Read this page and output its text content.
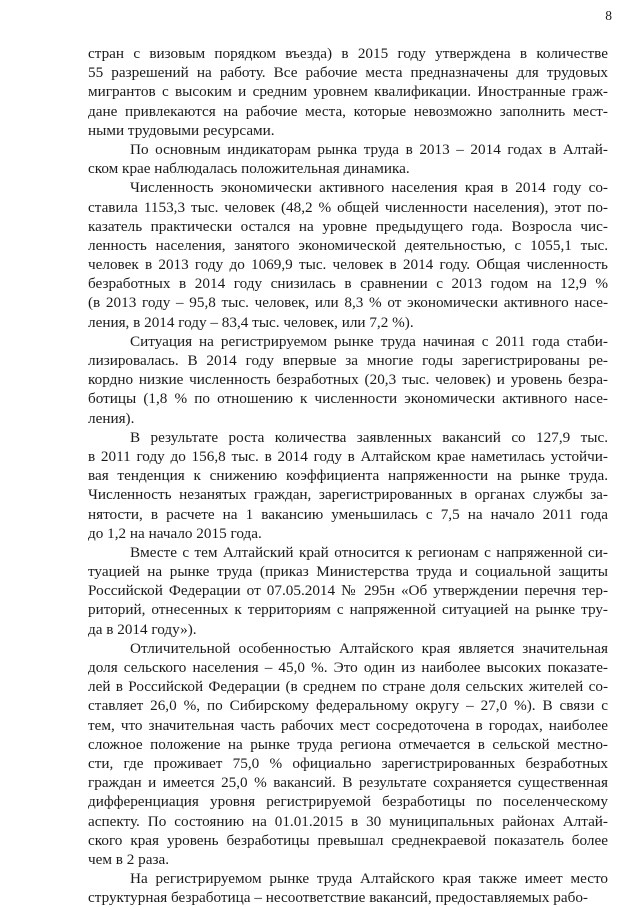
8
стран с визовым порядком въезда) в 2015 году утверждена в количестве
55 разрешений на работу. Все рабочие места предназначены для трудовых
мигрантов с высоким и средним уровнем квалификации. Иностранные граж-
дане привлекаются на рабочие места, которые невозможно заполнить мест-
ными трудовыми ресурсами.
По основным индикаторам рынка труда в 2013 – 2014 годах в Алтай-
ском крае наблюдалась положительная динамика.
Численность экономически активного населения края в 2014 году со-
ставила 1153,3 тыс. человек (48,2 % общей численности населения), этот по-
казатель практически остался на уровне предыдущего года. Возросла чис-
ленность населения, занятого экономической деятельностью, с 1055,1 тыс.
человек в 2013 году до 1069,9 тыс. человек в 2014 году. Общая численность
безработных в 2014 году снизилась в сравнении с 2013 годом на 12,9 %
(в 2013 году – 95,8 тыс. человек, или 8,3 % от экономически активного насе-
ления, в 2014 году – 83,4 тыс. человек, или 7,2 %).
Ситуация на регистрируемом рынке труда начиная с 2011 года стаби-
лизировалась. В 2014 году впервые за многие годы зарегистрированы ре-
кордно низкие численность безработных (20,3 тыс. человек) и уровень безра-
ботицы (1,8 % по отношению к численности экономически активного насе-
ления).
В результате роста количества заявленных вакансий со 127,9 тыс.
в 2011 году до 156,8 тыс. в 2014 году в Алтайском крае наметилась устойчи-
вая тенденция к снижению коэффициента напряженности на рынке труда.
Численность незанятых граждан, зарегистрированных в органах службы за-
нятости, в расчете на 1 вакансию уменьшилась с 7,5 на начало 2011 года
до 1,2 на начало 2015 года.
Вместе с тем Алтайский край относится к регионам с напряженной си-
туацией на рынке труда (приказ Министерства труда и социальной защиты
Российской Федерации от 07.05.2014 № 295н «Об утверждении перечня тер-
риторий, отнесенных к территориям с напряженной ситуацией на рынке тру-
да в 2014 году»).
Отличительной особенностью Алтайского края является значительная
доля сельского населения – 45,0 %. Это один из наиболее высоких показате-
лей в Российской Федерации (в среднем по стране доля сельских жителей со-
ставляет 26,0 %, по Сибирскому федеральному округу – 27,0 %). В связи с
тем, что значительная часть рабочих мест сосредоточена в городах, наиболее
сложное положение на рынке труда региона отмечается в сельской местно-
сти, где проживает 75,0 % официально зарегистрированных безработных
граждан и имеется 25,0 % вакансий. В результате сохраняется существенная
дифференциация уровня регистрируемой безработицы по поселенческому
аспекту. По состоянию на 01.01.2015 в 30 муниципальных районах Алтай-
ского края уровень безработицы превышал среднекраевой показатель более
чем в 2 раза.
На регистрируемом рынке труда Алтайского края также имеет место
структурная безработица – несоответствие вакансий, предоставляемых рабо-
